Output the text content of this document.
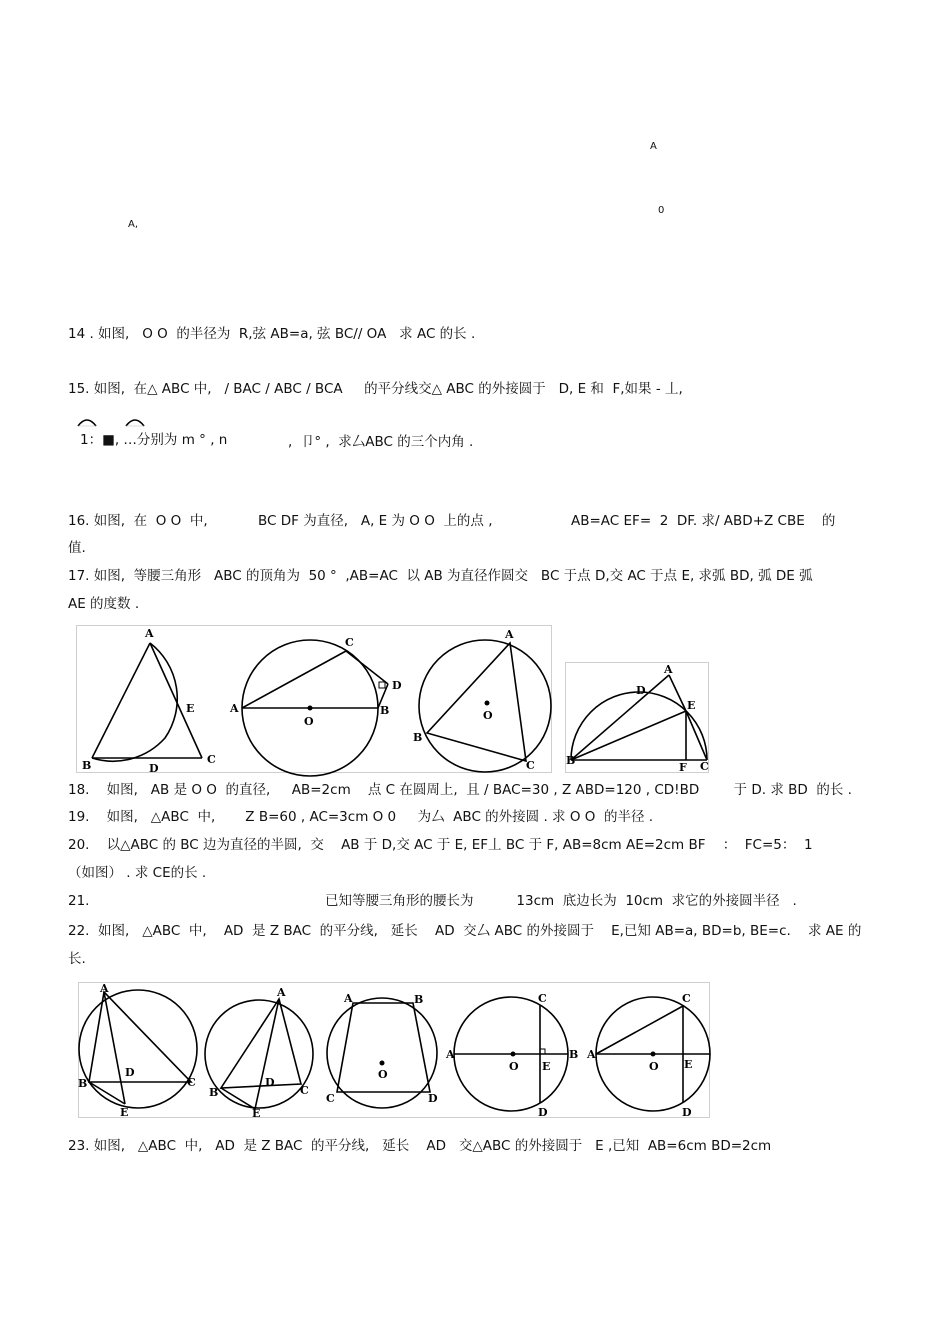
A
0
A,
14 . 如图,   O O  的半径为  R,弦 AB=a, 弦 BC// OA   求 AC 的长 .
15. 如图,  在△ ABC 中,   / BAC / ABC / BCA     的平分线交△ ABC 的外接圆于   D, E 和  F,如果 - 丄,
1：■, …分别为 m ° , n	,  卩° ,  求厶ABC 的三个内角 .
16. 如图,  在  O O  中,	BC DF 为直径,   A, E 为 O O  上的点 ,	AB=AC EF=  2  DF. 求/ ABD+Z CBE    的
值.
17. 如图,  等腰三角形   ABC 的顶角为  50 °  ,AB=AC  以 AB 为直径作圆交   BC 于点 D,交 AC 于点 E, 求弧 BD, 弧 DE 弧
AE 的度数 .
A
B	C
D
E	A	B
C
D
O
A
B
C
O
A
B	C
D
E
F
18.    如图,   AB 是 O O  的直径,     AB=2cm    点 C 在圆周上,  且 / BAC=30 , Z ABD=120 , CD!BD        于 D. 求 BD  的长 .
19.    如图,   △ABC  中,       Z B=60 , AC=3cm O 0     为厶  ABC 的外接圆 . 求 O O  的半径 .
20.    以△ABC 的 BC 边为直径的半圆,  交    AB 于 D,交 AC 于 E, EF丄 BC 于 F, AB=8cm AE=2cm BF    ：  FC=5：  1
（如图） . 求 CE的长 .
21.	已知等腰三角形的腰长为          13cm  底边长为  10cm  求它的外接圆半径   .
22.  如图,   △ABC  中,    AD  是 Z BAC  的平分线,   延长    AD  交厶 ABC 的外接圆于    E,已知 AB=a, BD=b, BE=c.    求 AE 的
长.
A
B	C
D
E
A
B	C
D
E
A	B
C	D
O
A	B
C
D
E
O
A
C
D
E
O
23. 如图,   △ABC  中,   AD  是 Z BAC  的平分线,   延长    AD   交△ABC 的外接圆于   E ,已知  AB=6cm BD=2cm
